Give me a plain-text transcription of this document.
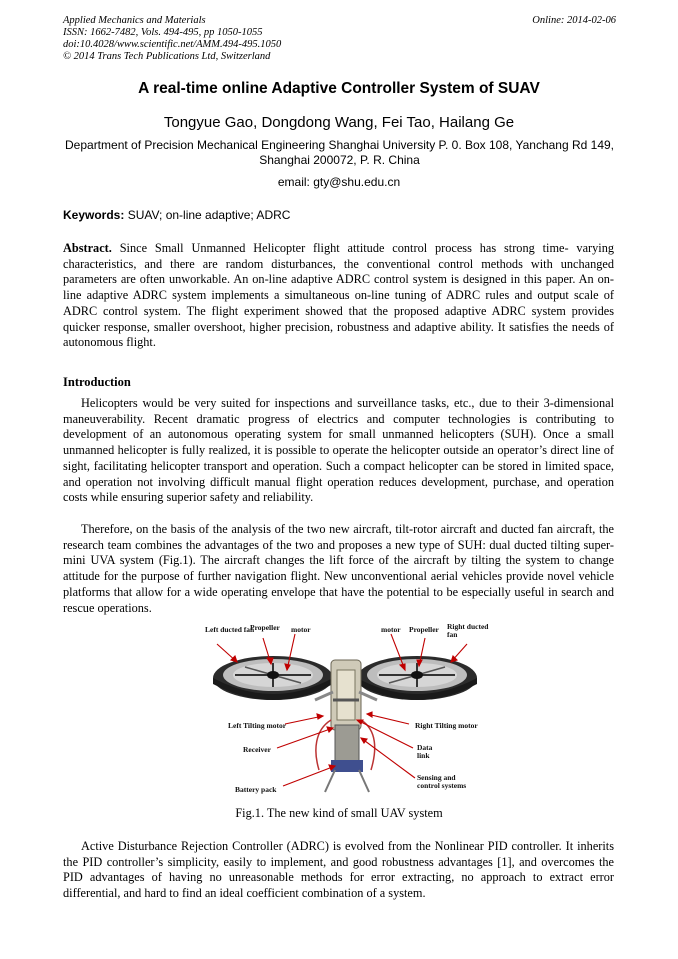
Applied Mechanics and Materials
ISSN: 1662-7482, Vols. 494-495, pp 1050-1055
doi:10.4028/www.scientific.net/AMM.494-495.1050
© 2014 Trans Tech Publications Ltd, Switzerland
Online: 2014-02-06
A real-time online Adaptive Controller System of SUAV
Tongyue Gao, Dongdong Wang, Fei Tao, Hailang Ge
Department of Precision Mechanical Engineering Shanghai University P. 0. Box 108, Yanchang Rd 149, Shanghai 200072, P. R. China
email: gty@shu.edu.cn
Keywords: SUAV; on-line adaptive; ADRC
Abstract. Since Small Unmanned Helicopter flight attitude control process has strong time- varying characteristics, and there are random disturbances, the conventional control methods with unchanged parameters are often unworkable. An on-line adaptive ADRC control system is designed in this paper. An on-line adaptive ADRC system implements a simultaneous on-line tuning of ADRC rules and output scale of ADRC control system. The flight experiment showed that the proposed adaptive ADRC system provides quicker response, smaller overshoot, higher precision, robustness and adaptive ability. It satisfies the needs of autonomous flight.
Introduction
Helicopters would be very suited for inspections and surveillance tasks, etc., due to their 3-dimensional maneuverability. Recent dramatic progress of electrics and computer technologies is contributing to development of an autonomous operating system for small unmanned helicopters (SUH). Once a small unmanned helicopter is fully realized, it is possible to operate the helicopter outside an operator’s direct line of sight, facilitating helicopter transport and operation. Such a compact helicopter can be stored in limited space, and operation not involving difficult manual flight operation reduces development, purchase, and operation costs while ensuring superior safety and reliability.
Therefore, on the basis of the analysis of the two new aircraft, tilt-rotor aircraft and ducted fan aircraft, the research team combines the advantages of the two and proposes a new type of SUH: dual ducted tilting super-mini UVA system (Fig.1). The aircraft changes the lift force of the aircraft by tilting the system to change attitude for the purpose of further navigation flight. New unconventional aerial vehicles provide novel vehicle platforms that allow for a wide operating envelope that have the potential to be especially useful in search and rescue operations.
Left ducted fan
Propeller motor	motor Propeller Right ducted fan
Left Tilting motor	Right Tilting motor
Receiver	Data link
Battery pack
Sensing and control systems
Fig.1. The new kind of small UAV system
Active Disturbance Rejection Controller (ADRC) is evolved from the Nonlinear PID controller. It inherits the PID controller’s simplicity, easily to implement, and good robustness advantages [1], and overcomes the PID advantages of having no unreasonable methods for error extracting, no approach to extract error differential, and hard to find an ideal coefficient combination of a system.
